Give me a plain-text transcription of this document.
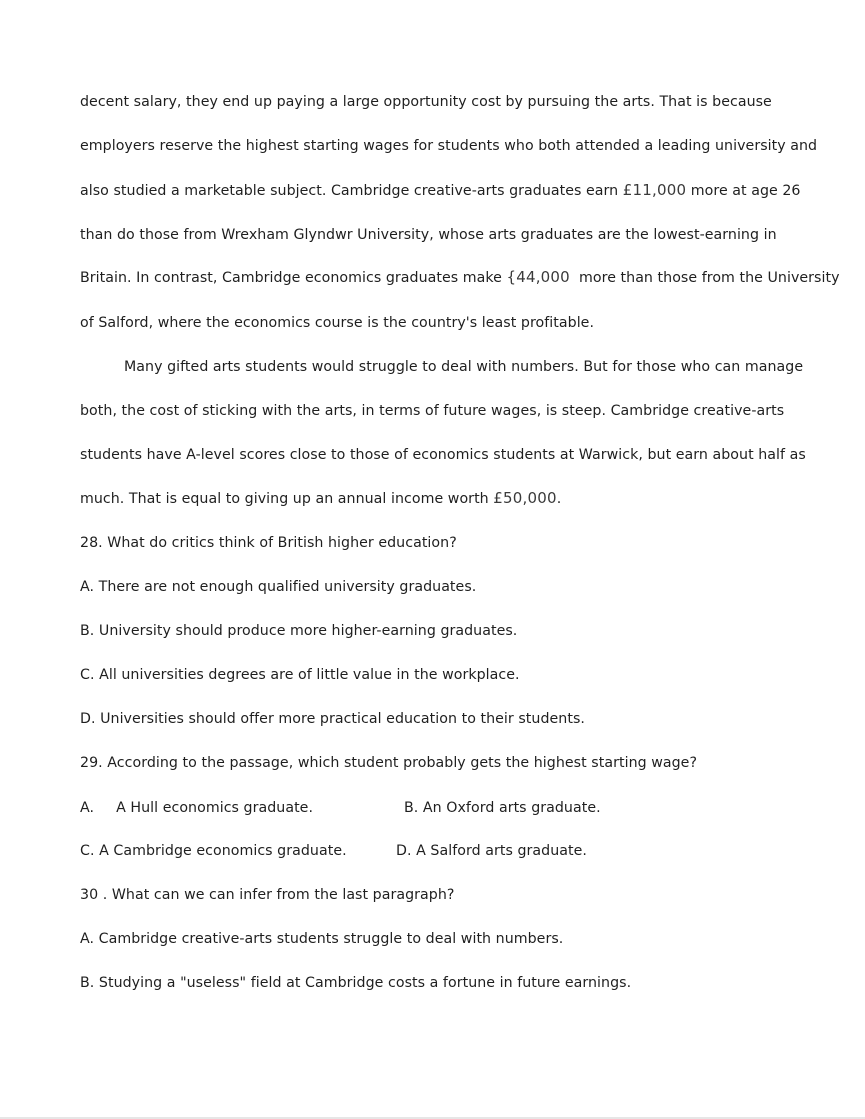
decent salary, they end up paying a large opportunity cost by pursuing the arts. That is because
employers reserve the highest starting wages for students who both attended a leading university and
also studied a marketable subject. Cambridge creative-arts graduates earn £11,000 more at age 26
than do those from Wrexham Glyndwr University, whose arts graduates are the lowest-earning in
Britain. In contrast, Cambridge economics graduates make {44,000  more than those from the University
of Salford, where the economics course is the country's least profitable.
Many gifted arts students would struggle to deal with numbers. But for those who can manage
both, the cost of sticking with the arts, in terms of future wages, is steep. Cambridge creative-arts
students have A-level scores close to those of economics students at Warwick, but earn about half as
much. That is equal to giving up an annual income worth £50,000.
28. What do critics think of British higher education?
A. There are not enough qualified university graduates.
B. University should produce more higher-earning graduates.
C. All universities degrees are of little value in the workplace.
D. Universities should offer more practical education to their students.
29. According to the passage, which student probably gets the highest starting wage?
A. A Hull economics graduate.	B. An Oxford arts graduate.
C. A Cambridge economics graduate.	D. A Salford arts graduate.
30 . What can we can infer from the last paragraph?
A. Cambridge creative-arts students struggle to deal with numbers.
B. Studying a "useless" field at Cambridge costs a fortune in future earnings.
